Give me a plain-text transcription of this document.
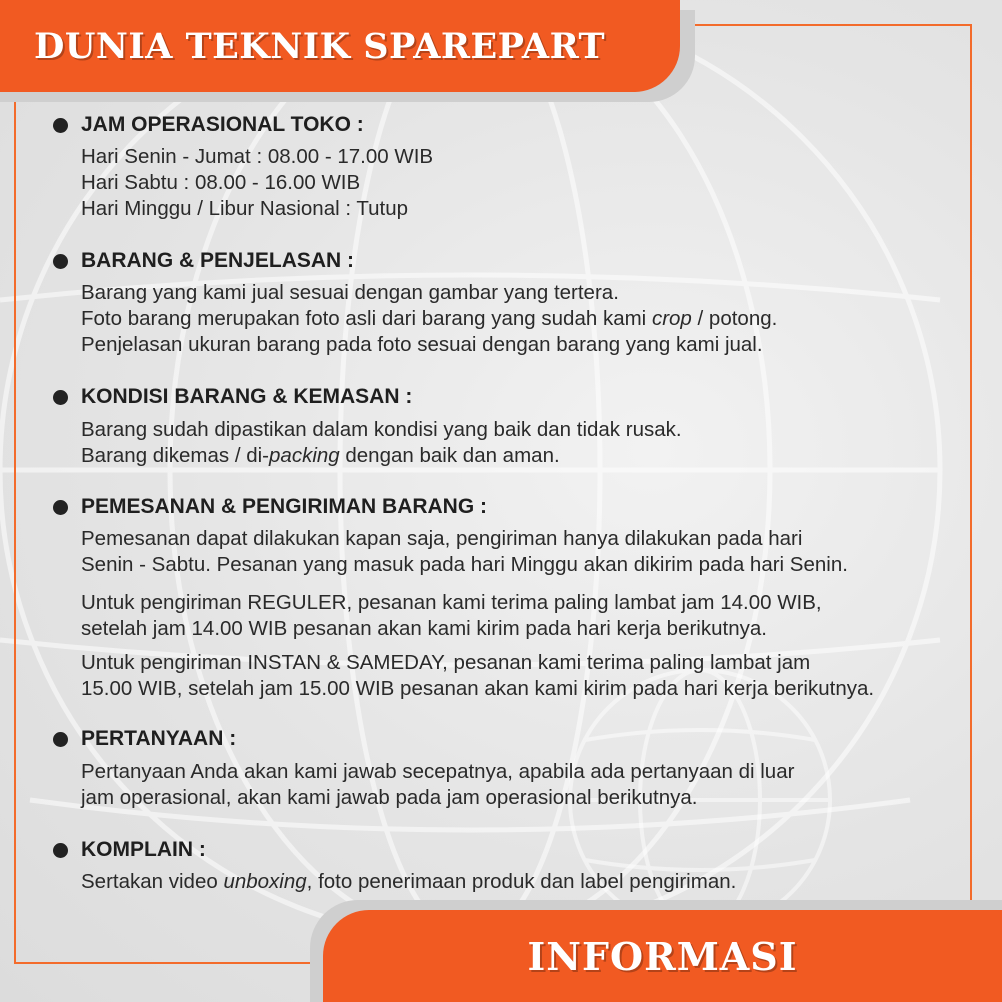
DUNIA TEKNIK SPAREPART
JAM OPERASIONAL TOKO :
Hari Senin - Jumat : 08.00 - 17.00 WIB
Hari Sabtu : 08.00 - 16.00 WIB
Hari Minggu / Libur Nasional : Tutup
BARANG & PENJELASAN :
Barang yang kami jual sesuai dengan gambar yang tertera.
Foto barang merupakan foto asli dari barang yang sudah kami crop / potong.
Penjelasan ukuran barang pada foto sesuai dengan barang yang kami jual.
KONDISI BARANG & KEMASAN :
Barang sudah dipastikan dalam kondisi yang baik dan tidak rusak.
Barang dikemas / di-packing dengan baik dan aman.
PEMESANAN & PENGIRIMAN BARANG :
Pemesanan dapat dilakukan kapan saja, pengiriman hanya dilakukan pada hari
Senin - Sabtu. Pesanan yang masuk pada hari Minggu akan dikirim pada hari Senin.
Untuk pengiriman REGULER, pesanan kami terima paling lambat jam 14.00 WIB,
setelah jam 14.00 WIB pesanan akan kami kirim pada hari kerja berikutnya.
Untuk pengiriman INSTAN & SAMEDAY, pesanan kami terima paling lambat jam
15.00 WIB, setelah jam 15.00 WIB pesanan akan kami kirim pada hari kerja berikutnya.
PERTANYAAN :
Pertanyaan Anda akan kami jawab secepatnya, apabila ada pertanyaan di luar
jam operasional, akan kami jawab pada jam operasional berikutnya.
KOMPLAIN :
Sertakan video unboxing, foto penerimaan produk dan label pengiriman.
INFORMASI
